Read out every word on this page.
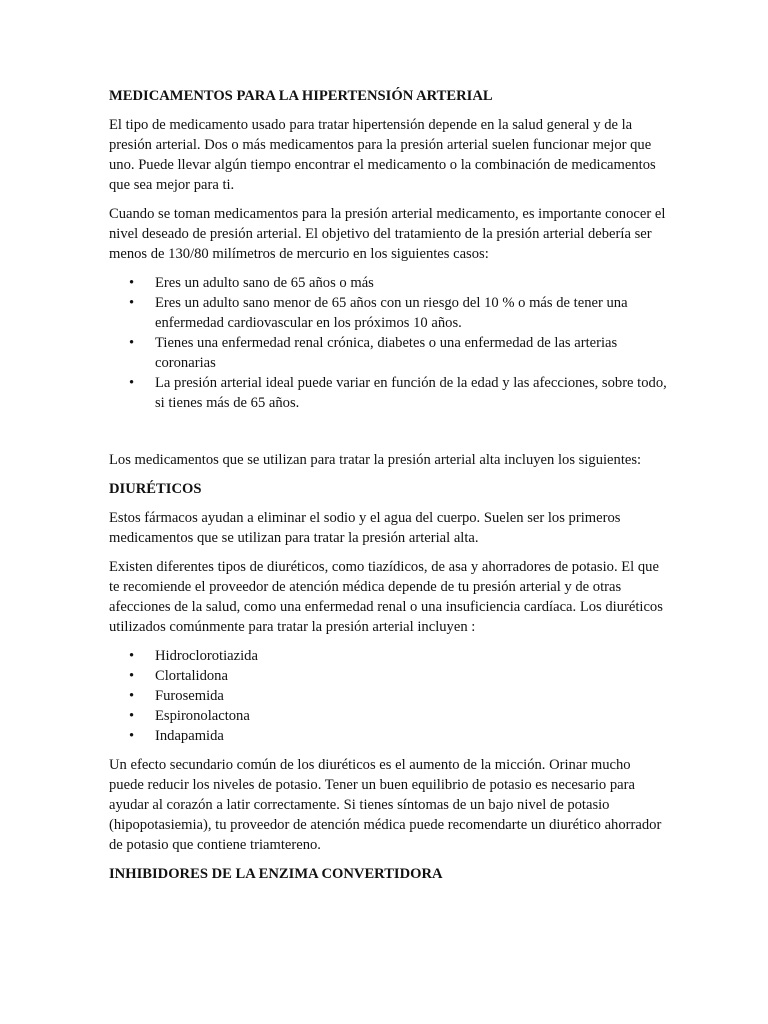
MEDICAMENTOS PARA LA HIPERTENSIÓN ARTERIAL

El tipo de medicamento usado para tratar hipertensión depende en la salud general y de la presión arterial. Dos o más medicamentos para la presión arterial suelen funcionar mejor que uno. Puede llevar algún tiempo encontrar el medicamento o la combinación de medicamentos que sea mejor para ti.

Cuando se toman medicamentos para la presión arterial medicamento, es importante conocer el nivel deseado de presión arterial. El objetivo del tratamiento de la presión arterial debería ser menos de 130/80 milímetros de mercurio en los siguientes casos:

• Eres un adulto sano de 65 años o más
• Eres un adulto sano menor de 65 años con un riesgo del 10 % o más de tener una enfermedad cardiovascular en los próximos 10 años.
• Tienes una enfermedad renal crónica, diabetes o una enfermedad de las arterias coronarias
• La presión arterial ideal puede variar en función de la edad y las afecciones, sobre todo, si tienes más de 65 años.

Los medicamentos que se utilizan para tratar la presión arterial alta incluyen los siguientes:

DIURÉTICOS

Estos fármacos ayudan a eliminar el sodio y el agua del cuerpo. Suelen ser los primeros medicamentos que se utilizan para tratar la presión arterial alta.

Existen diferentes tipos de diuréticos, como tiazídicos, de asa y ahorradores de potasio. El que te recomiende el proveedor de atención médica depende de tu presión arterial y de otras afecciones de la salud, como una enfermedad renal o una insuficiencia cardíaca. Los diuréticos utilizados comúnmente para tratar la presión arterial incluyen :

• Hidroclorotiazida
• Clortalidona
• Furosemida
• Espironolactona
• Indapamida

Un efecto secundario común de los diuréticos es el aumento de la micción. Orinar mucho puede reducir los niveles de potasio. Tener un buen equilibrio de potasio es necesario para ayudar al corazón a latir correctamente. Si tienes síntomas de un bajo nivel de potasio (hipopotasiemia), tu proveedor de atención médica puede recomendarte un diurético ahorrador de potasio que contiene triamtereno.

INHIBIDORES DE LA ENZIMA CONVERTIDORA
